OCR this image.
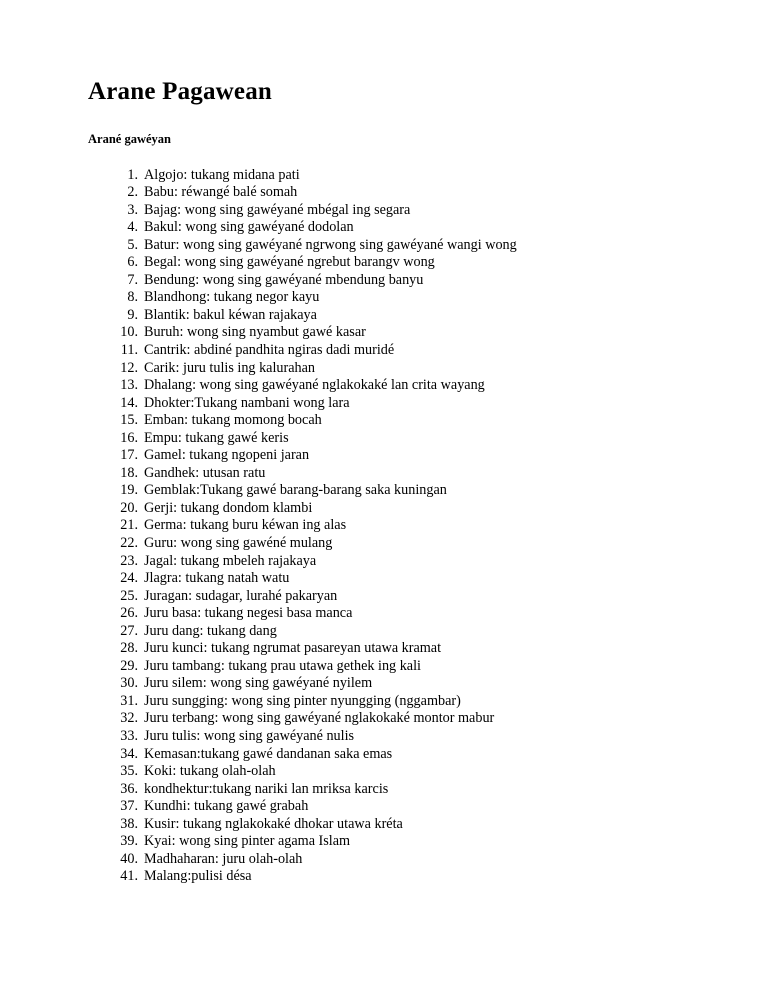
Arane Pagawean

Arané gawéyan

Algojo: tukang midana pati
Babu: réwangé balé somah
Bajag: wong sing gawéyané mbégal ing segara
Bakul: wong sing gawéyané dodolan
Batur: wong sing gawéyané ngrwong sing gawéyané wangi wong
Begal: wong sing gawéyané ngrebut barangv wong
Bendung: wong sing gawéyané mbendung banyu
Blandhong: tukang negor kayu
Blantik: bakul kéwan rajakaya
Buruh: wong sing nyambut gawé kasar
Cantrik: abdiné pandhita ngiras dadi muridé
Carik: juru tulis ing kalurahan
Dhalang: wong sing gawéyané nglakokaké lan crita wayang
Dhokter:Tukang nambani wong lara
Emban: tukang momong bocah
Empu: tukang gawé keris
Gamel: tukang ngopeni jaran
Gandhek: utusan ratu
Gemblak:Tukang gawé barang-barang saka kuningan
Gerji: tukang dondom klambi
Germa: tukang buru kéwan ing alas
Guru: wong sing gawéné mulang
Jagal: tukang mbeleh rajakaya
Jlagra: tukang natah watu
Juragan: sudagar, lurahé pakaryan
Juru basa: tukang negesi basa manca
Juru dang: tukang dang
Juru kunci: tukang ngrumat pasareyan utawa kramat
Juru tambang: tukang prau utawa gethek ing kali
Juru silem: wong sing gawéyané nyilem
Juru sungging: wong sing pinter nyungging (nggambar)
Juru terbang: wong sing gawéyané nglakokaké montor mabur
Juru tulis: wong sing gawéyané nulis
Kemasan:tukang gawé dandanan saka emas
Koki: tukang olah-olah
kondhektur:tukang nariki lan mriksa karcis
Kundhi: tukang gawé grabah
Kusir: tukang nglakokaké dhokar utawa kréta
Kyai: wong sing pinter agama Islam
Madhaharan: juru olah-olah
Malang:pulisi désa
